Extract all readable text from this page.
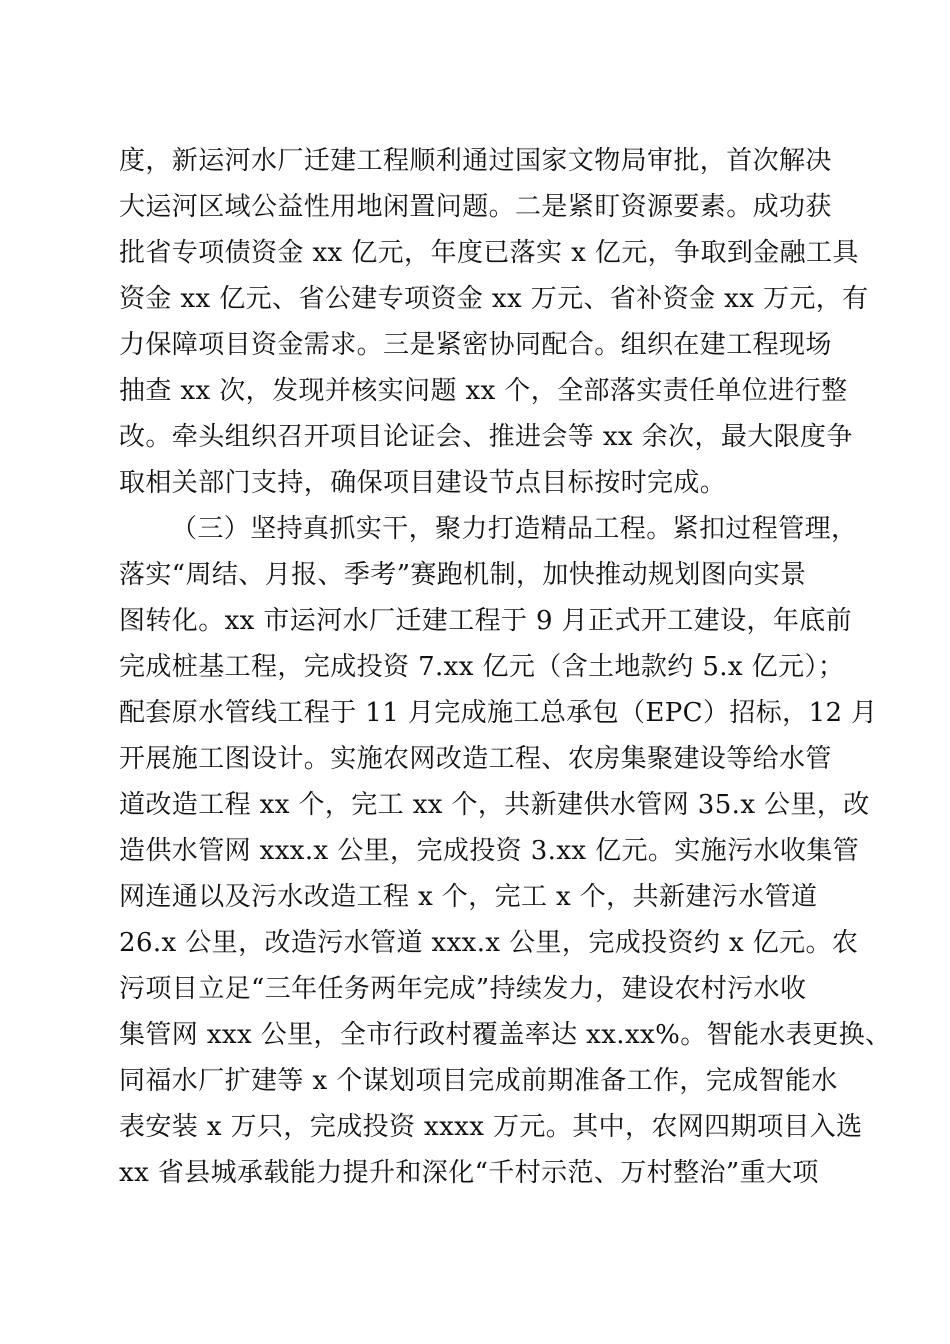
度，新运河水厂迁建工程顺利通过国家文物局审批，首次解决
大运河区域公益性用地闲置问题。二是紧盯资源要素。成功获
批省专项债资金 xx 亿元，年度已落实 x 亿元，争取到金融工具
资金 xx 亿元、省公建专项资金 xx 万元、省补资金 xx 万元，有
力保障项目资金需求。三是紧密协同配合。组织在建工程现场
抽查 xx 次，发现并核实问题 xx 个，全部落实责任单位进行整
改。牵头组织召开项目论证会、推进会等 xx 余次，最大限度争
取相关部门支持，确保项目建设节点目标按时完成。
（三）坚持真抓实干，聚力打造精品工程。紧扣过程管理，
落实“周结、月报、季考”赛跑机制，加快推动规划图向实景
图转化。xx 市运河水厂迁建工程于 9 月正式开工建设，年底前
完成桩基工程，完成投资 7.xx 亿元（含土地款约 5.x 亿元）；
配套原水管线工程于 11 月完成施工总承包（EPC）招标，12 月
开展施工图设计。实施农网改造工程、农房集聚建设等给水管
道改造工程 xx 个，完工 xx 个，共新建供水管网 35.x 公里，改
造供水管网 xxx.x 公里，完成投资 3.xx 亿元。实施污水收集管
网连通以及污水改造工程 x 个，完工 x 个，共新建污水管道
26.x 公里，改造污水管道 xxx.x 公里，完成投资约 x 亿元。农
污项目立足“三年任务两年完成”持续发力，建设农村污水收
集管网 xxx 公里，全市行政村覆盖率达 xx.xx%。智能水表更换、
同福水厂扩建等 x 个谋划项目完成前期准备工作，完成智能水
表安装 x 万只，完成投资 xxxx 万元。其中，农网四期项目入选
xx 省县城承载能力提升和深化“千村示范、万村整治”重大项
